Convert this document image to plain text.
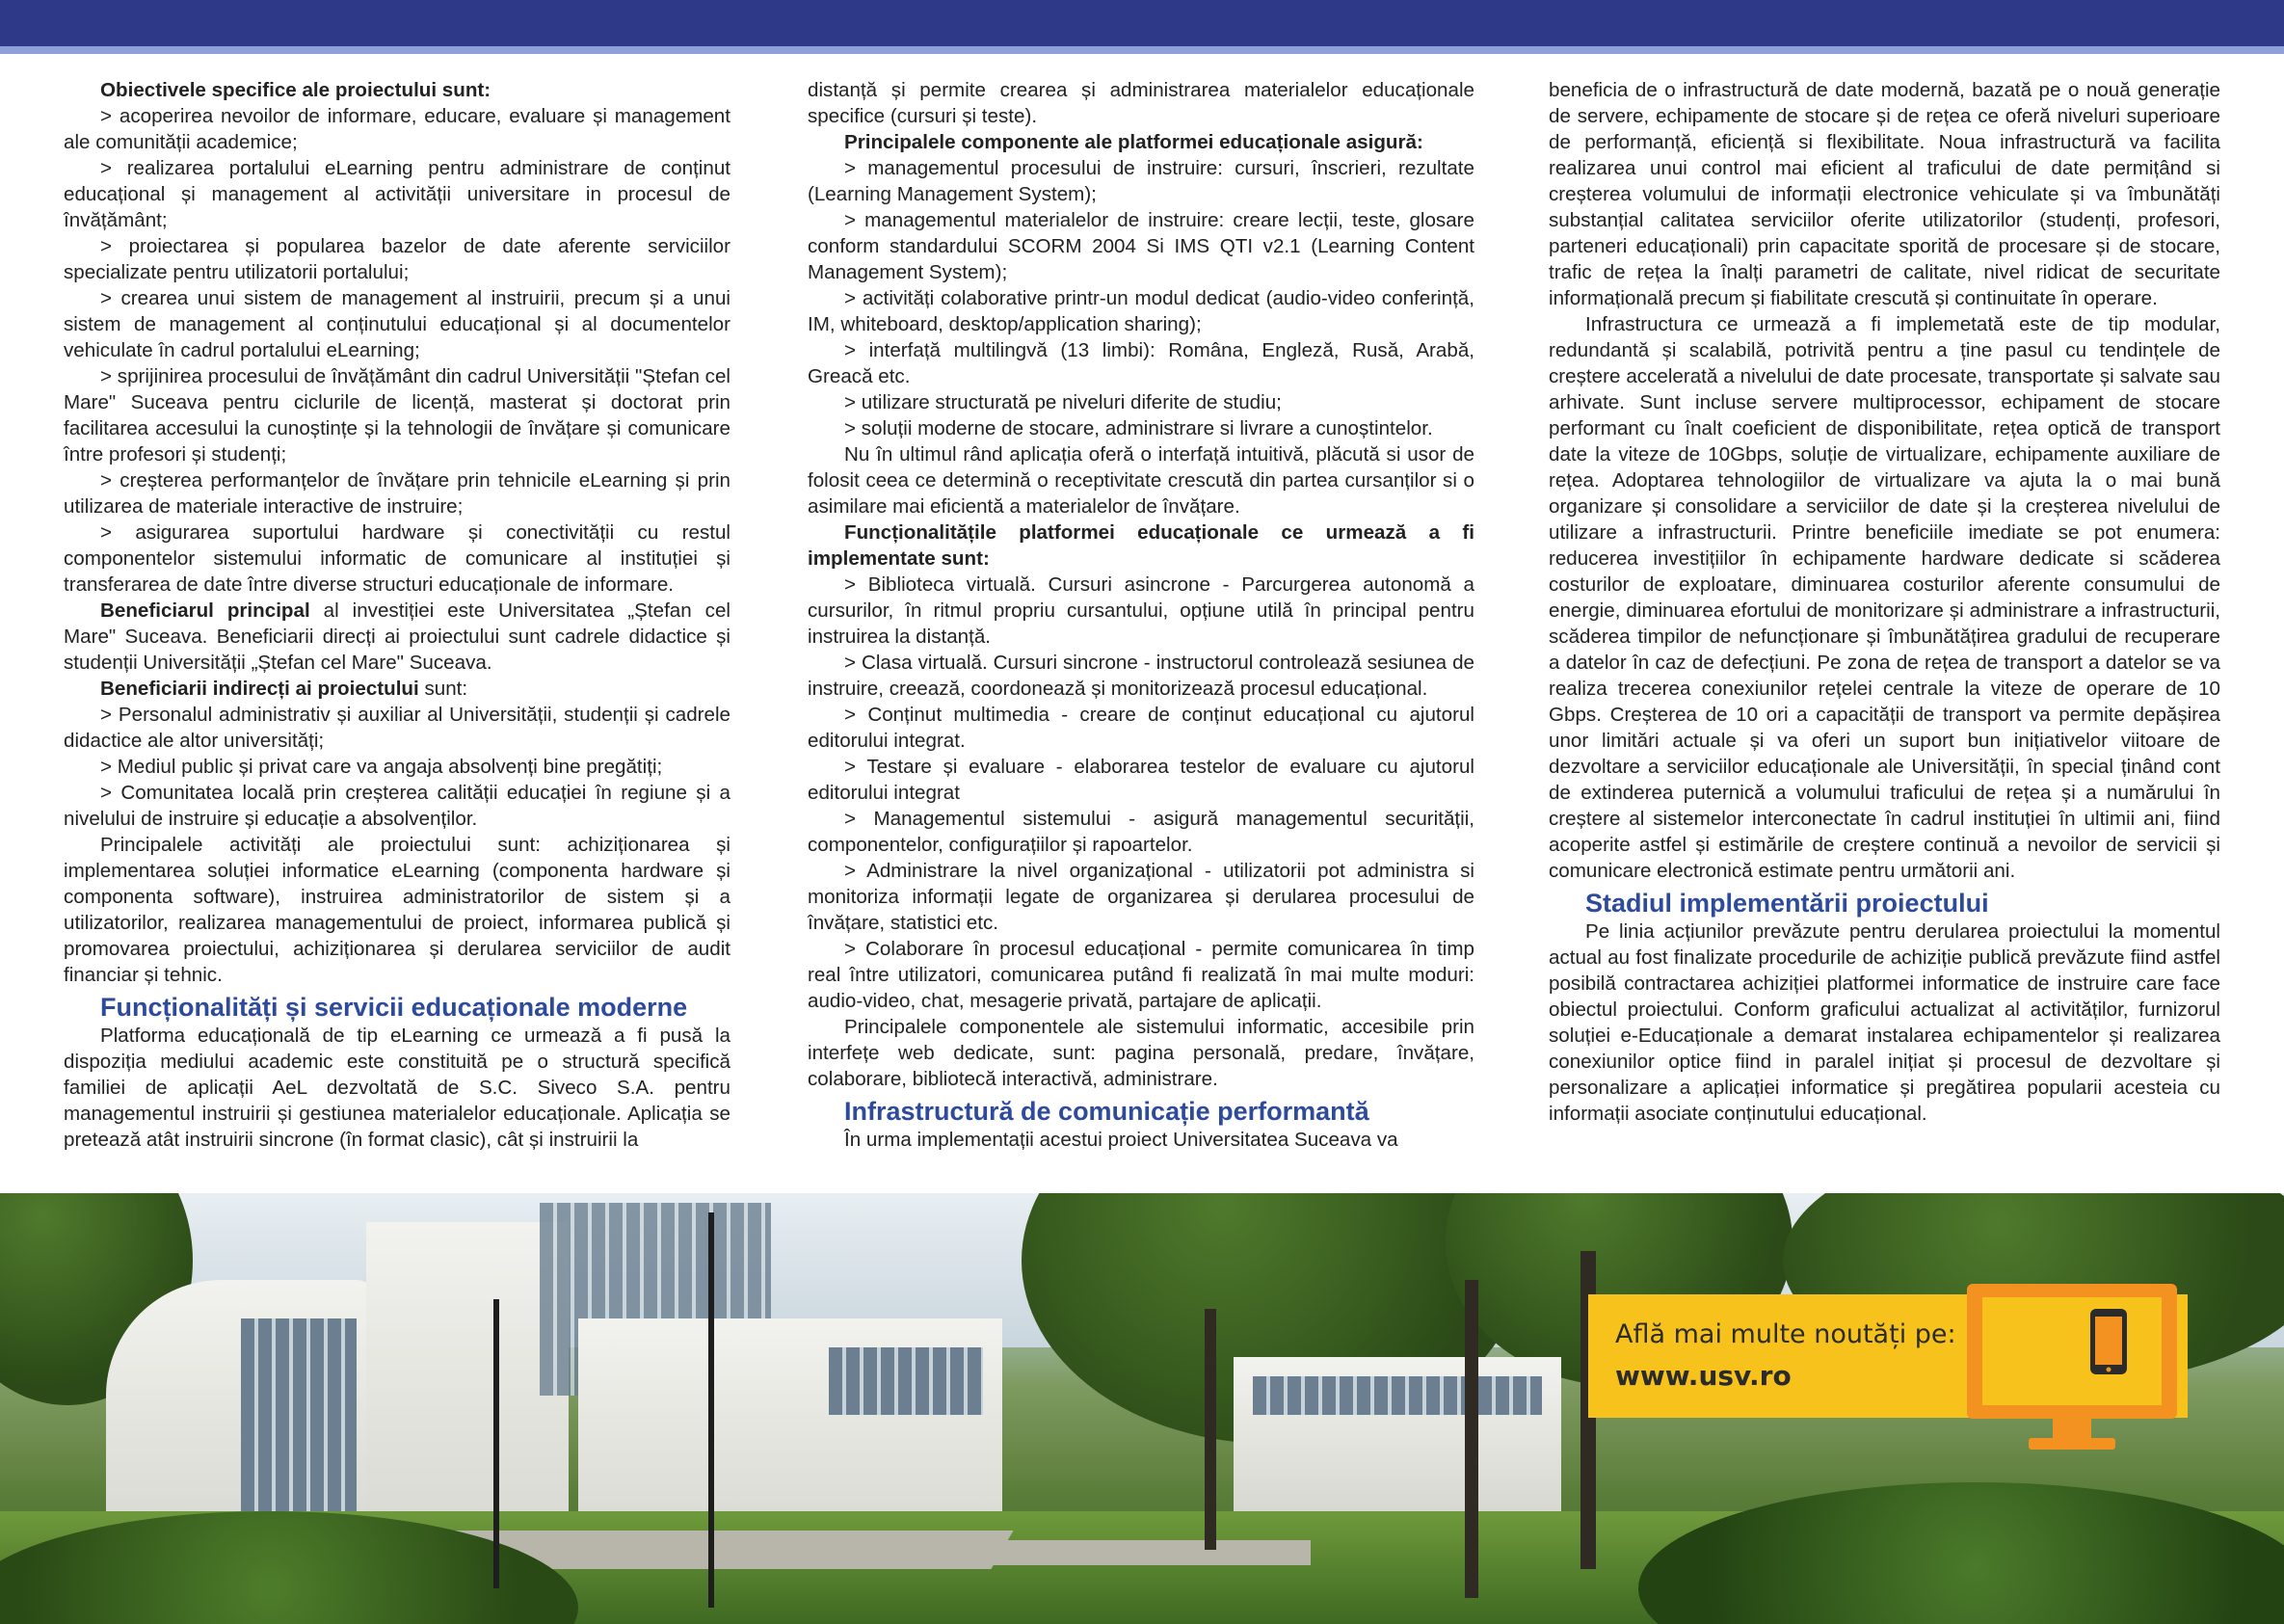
Obiectivele specifice ale proiectului sunt:

> acoperirea nevoilor de informare, educare, evaluare și management ale comunității academice;

> realizarea portalului eLearning pentru administrare de conținut educațional și management al activității universitare in procesul de învățământ;

> proiectarea și popularea bazelor de date aferente serviciilor specializate pentru utilizatorii portalului;

> crearea unui sistem de management al instruirii, precum și a unui sistem de management al conținutului educațional și al documentelor vehiculate în cadrul portalului eLearning;

> sprijinirea procesului de învățământ din cadrul Universității "Ștefan cel Mare" Suceava pentru ciclurile de licență, masterat și doctorat prin facilitarea accesului la cunoștințe și la tehnologii de învățare și comunicare între profesori și studenți;

> creșterea performanțelor de învățare prin tehnicile eLearning și prin utilizarea de materiale interactive de instruire;

> asigurarea suportului hardware și conectivității cu restul componentelor sistemului informatic de comunicare al instituției și transferarea de date între diverse structuri educaționale de informare.

Beneficiarul principal al investiției este Universitatea „Ștefan cel Mare" Suceava. Beneficiarii direcți ai proiectului sunt cadrele didactice și studenții Universității „Ștefan cel Mare" Suceava.

Beneficiarii indirecți ai proiectului sunt:

> Personalul administrativ și auxiliar al Universității, studenții și cadrele didactice ale altor universități;

> Mediul public și privat care va angaja absolvenți bine pregătiți;

> Comunitatea locală prin creșterea calității educației în regiune și a nivelului de instruire și educație a absolvenților.

Principalele activități ale proiectului sunt: achiziționarea și implementarea soluției informatice eLearning (componenta hardware și componenta software), instruirea administratorilor de sistem și a utilizatorilor, realizarea managementului de proiect, informarea publică și promovarea proiectului, achiziționarea și derularea serviciilor de audit financiar și tehnic.

Funcționalități și servicii educaționale moderne

Platforma educațională de tip eLearning ce urmează a fi pusă la dispoziția mediului academic este constituită pe o structură specifică familiei de aplicații AeL dezvoltată de S.C. Siveco S.A. pentru managementul instruirii și gestiunea materialelor educaționale. Aplicația se pretează atât instruirii sincrone (în format clasic), cât și instruirii la

distanță și permite crearea și administrarea materialelor educaționale specifice (cursuri și teste).

Principalele componente ale platformei educaționale asigură:

> managementul procesului de instruire: cursuri, înscrieri, rezultate (Learning Management System);

> managementul materialelor de instruire: creare lecții, teste, glosare conform standardului SCORM 2004 Si IMS QTI v2.1 (Learning Content Management System);

> activități colaborative printr-un modul dedicat (audio-video conferință, IM, whiteboard, desktop/application sharing);

> interfață multilingvă (13 limbi): Româna, Engleză, Rusă, Arabă, Greacă etc.

> utilizare structurată pe niveluri diferite de studiu;

> soluții moderne de stocare, administrare si livrare a cunoștintelor.

Nu în ultimul rând aplicația oferă o interfață intuitivă, plăcută si usor de folosit ceea ce determină o receptivitate crescută din partea cursanților si o asimilare mai eficientă a materialelor de învățare.

Funcționalitățile platformei educaționale ce urmează a fi implementate sunt:

> Biblioteca virtuală. Cursuri asincrone - Parcurgerea autonomă a cursurilor, în ritmul propriu cursantului, opțiune utilă în principal pentru instruirea la distanță.

> Clasa virtuală. Cursuri sincrone - instructorul controlează sesiunea de instruire, creează, coordonează și monitorizează procesul educațional.

> Conținut multimedia - creare de conținut educațional cu ajutorul editorului integrat.

> Testare și evaluare - elaborarea testelor de evaluare cu ajutorul editorului integrat

> Managementul sistemului - asigură managementul securității, componentelor, configurațiilor și rapoartelor.

> Administrare la nivel organizațional - utilizatorii pot administra si monitoriza informații legate de organizarea și derularea procesului de învățare, statistici etc.

> Colaborare în procesul educațional - permite comunicarea în timp real între utilizatori, comunicarea putând fi realizată în mai multe moduri: audio-video, chat, mesagerie privată, partajare de aplicații.

Principalele componentele ale sistemului informatic, accesibile prin interfețe web dedicate, sunt: pagina personală, predare, învățare, colaborare, bibliotecă interactivă, administrare.

Infrastructură de comunicație performantă

În urma implementații acestui proiect Universitatea Suceava va

beneficia de o infrastructură de date modernă, bazată pe o nouă generație de servere, echipamente de stocare și de rețea ce oferă niveluri superioare de performanță, eficiență si flexibilitate. Noua infrastructură va facilita realizarea unui control mai eficient al traficului de date permițând si creșterea volumului de informații electronice vehiculate și va îmbunătăți substanțial calitatea serviciilor oferite utilizatorilor (studenți, profesori, parteneri educaționali) prin capacitate sporită de procesare și de stocare, trafic de rețea la înalți parametri de calitate, nivel ridicat de securitate informațională precum și fiabilitate crescută și continuitate în operare.

Infrastructura ce urmează a fi implemetată este de tip modular, redundantă și scalabilă, potrivită pentru a ține pasul cu tendințele de creștere accelerată a nivelului de date procesate, transportate și salvate sau arhivate. Sunt incluse servere multiprocessor, echipament de stocare performant cu înalt coeficient de disponibilitate, rețea optică de transport date la viteze de 10Gbps, soluție de virtualizare, echipamente auxiliare de rețea. Adoptarea tehnologiilor de virtualizare va ajuta la o mai bună organizare și consolidare a serviciilor de date și la creșterea nivelului de utilizare a infrastructurii. Printre beneficiile imediate se pot enumera: reducerea investițiilor în echipamente hardware dedicate si scăderea costurilor de exploatare, diminuarea costurilor aferente consumului de energie, diminuarea efortului de monitorizare și administrare a infrastructurii, scăderea timpilor de nefuncționare și îmbunătățirea gradului de recuperare a datelor în caz de defecțiuni. Pe zona de rețea de transport a datelor se va realiza trecerea conexiunilor rețelei centrale la viteze de operare de 10 Gbps. Creșterea de 10 ori a capacității de transport va permite depășirea unor limitări actuale și va oferi un suport bun inițiativelor viitoare de dezvoltare a serviciilor educaționale ale Universității, în special ținând cont de extinderea puternică a volumului traficului de rețea și a numărului în creștere al sistemelor interconectate în cadrul instituției în ultimii ani, fiind acoperite astfel și estimările de creștere continuă a nevoilor de servicii și comunicare electronică estimate pentru următorii ani.

Stadiul implementării proiectului

Pe linia acțiunilor prevăzute pentru derularea proiectului la momentul actual au fost finalizate procedurile de achiziție publică prevăzute fiind astfel posibilă contractarea achiziției platformei informatice de instruire care face obiectul proiectului. Conform graficului actualizat al activităților, furnizorul soluției e-Educaționale a demarat instalarea echipamentelor și realizarea conexiunilor optice fiind in paralel inițiat și procesul de dezvoltare și personalizare a aplicației informatice și pregătirea popularii acesteia cu informații asociate conținutului educațional.

Află mai multe noutăți pe:
www.usv.ro
